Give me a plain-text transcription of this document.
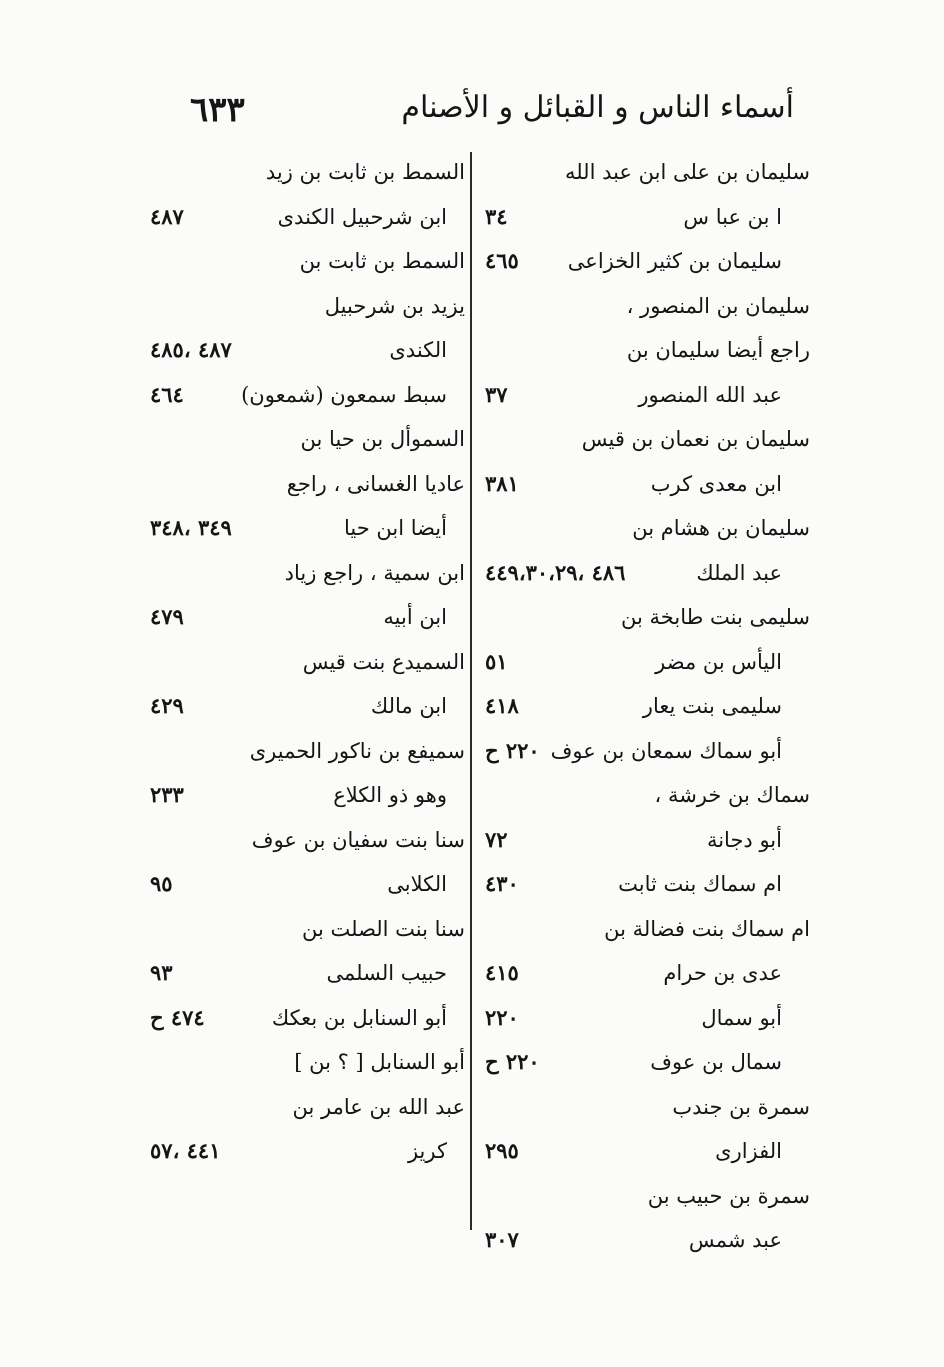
أسماء الناس و القبائل و الأصنام
٦٣٣
سليمان بن على ابن عبد الله
ا بن عبا س
٣٤
سليمان بن كثير الخزاعى
٤٦٥
سليمان بن المنصور ،
راجع أيضا سليمان بن
عبد الله المنصور
٣٧
سليمان بن نعمان بن قيس
ابن معدى كرب
٣٨١
سليمان بن هشام بن
عبد الملك
٤٨٦ ،٤٤٩،٣٠،٢٩
سليمى بنت طابخة بن
اليأس بن مضر
٥١
سليمى بنت يعار
٤١٨
أبو سماك سمعان بن عوف
٢٢٠ ح
سماك بن خرشة ،
أبو دجانة
٧٢
ام سماك بنت ثابت
٤٣٠
ام سماك بنت فضالة بن
عدى بن حرام
٤١٥
أبو سمال
٢٢٠
سمال بن عوف
٢٢٠ ح
سمرة بن جندب
الفزارى
٢٩٥
سمرة بن حبيب بن
عبد شمس
٣٠٧
السمط بن ثابت بن زيد
ابن شرحبيل الكندى
٤٨٧
السمط بن ثابت بن
يزيد بن شرحبيل
الكندى
٤٨٧ ،٤٨٥
سبط سمعون (شمعون)
٤٦٤
السموأل بن حيا بن
عاديا الغسانى ، راجع
أيضا ابن حيا
٣٤٩ ،٣٤٨
ابن سمية ، راجع زياد
ابن أبيه
٤٧٩
السميدع بنت قيس
ابن مالك
٤٢٩
سميفع بن ناكور الحميرى
وهو ذو الكلاع
٢٣٣
سنا بنت سفيان بن عوف
الكلابى
٩٥
سنا بنت الصلت بن
حبيب السلمى
٩٣
أبو السنابل بن بعكك
٤٧٤ ح
أبو السنابل [ ؟ بن ]
عبد الله بن عامر بن
كريز
٤٤١ ،٥٧
